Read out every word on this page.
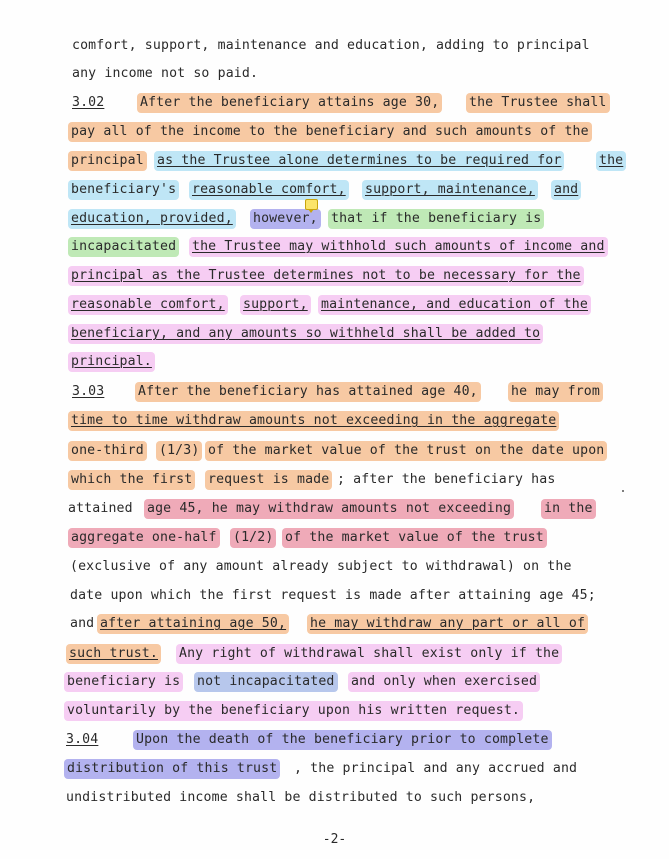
comfort, support, maintenance and education, adding to principal

any income not so paid.

3.02

	After the beneficiary attains age 30,

the Trustee shall

pay all of the income to the beneficiary and such amounts of the

principal

as the Trustee alone determines to be required for

	the

beneficiary's

reasonable comfort,

support, maintenance,

and

education, provided,

however,

that if the beneficiary is

incapacitated

the Trustee may withhold such amounts of income and

principal as the Trustee determines not to be necessary for the

reasonable comfort,

support,

maintenance, and education of the

beneficiary, and any amounts so withheld shall be added to

principal.

3.03

	After the beneficiary has attained age 40,

	he may from

time to time withdraw amounts not exceeding in the aggregate

one-third

(1/3)

of the market value of the trust on the date upon

which the first

request is made

; after the beneficiary has

attained

age 45, he may withdraw amounts not exceeding

in the

aggregate one-half

(1/2)

of the market value of the trust

(exclusive of any amount already subject to withdrawal) on the

date upon which the first request is made after attaining age 45;

and

after attaining age 50,

he may withdraw any part or all of

such trust.

Any right of withdrawal shall exist only if the

beneficiary is

not incapacitated

and only when exercised

voluntarily by the beneficiary upon his written request.

3.04

	Upon the death of the beneficiary prior to complete

distribution of this trust

, the principal and any accrued and

undistributed income shall be distributed to such persons,

-2-
